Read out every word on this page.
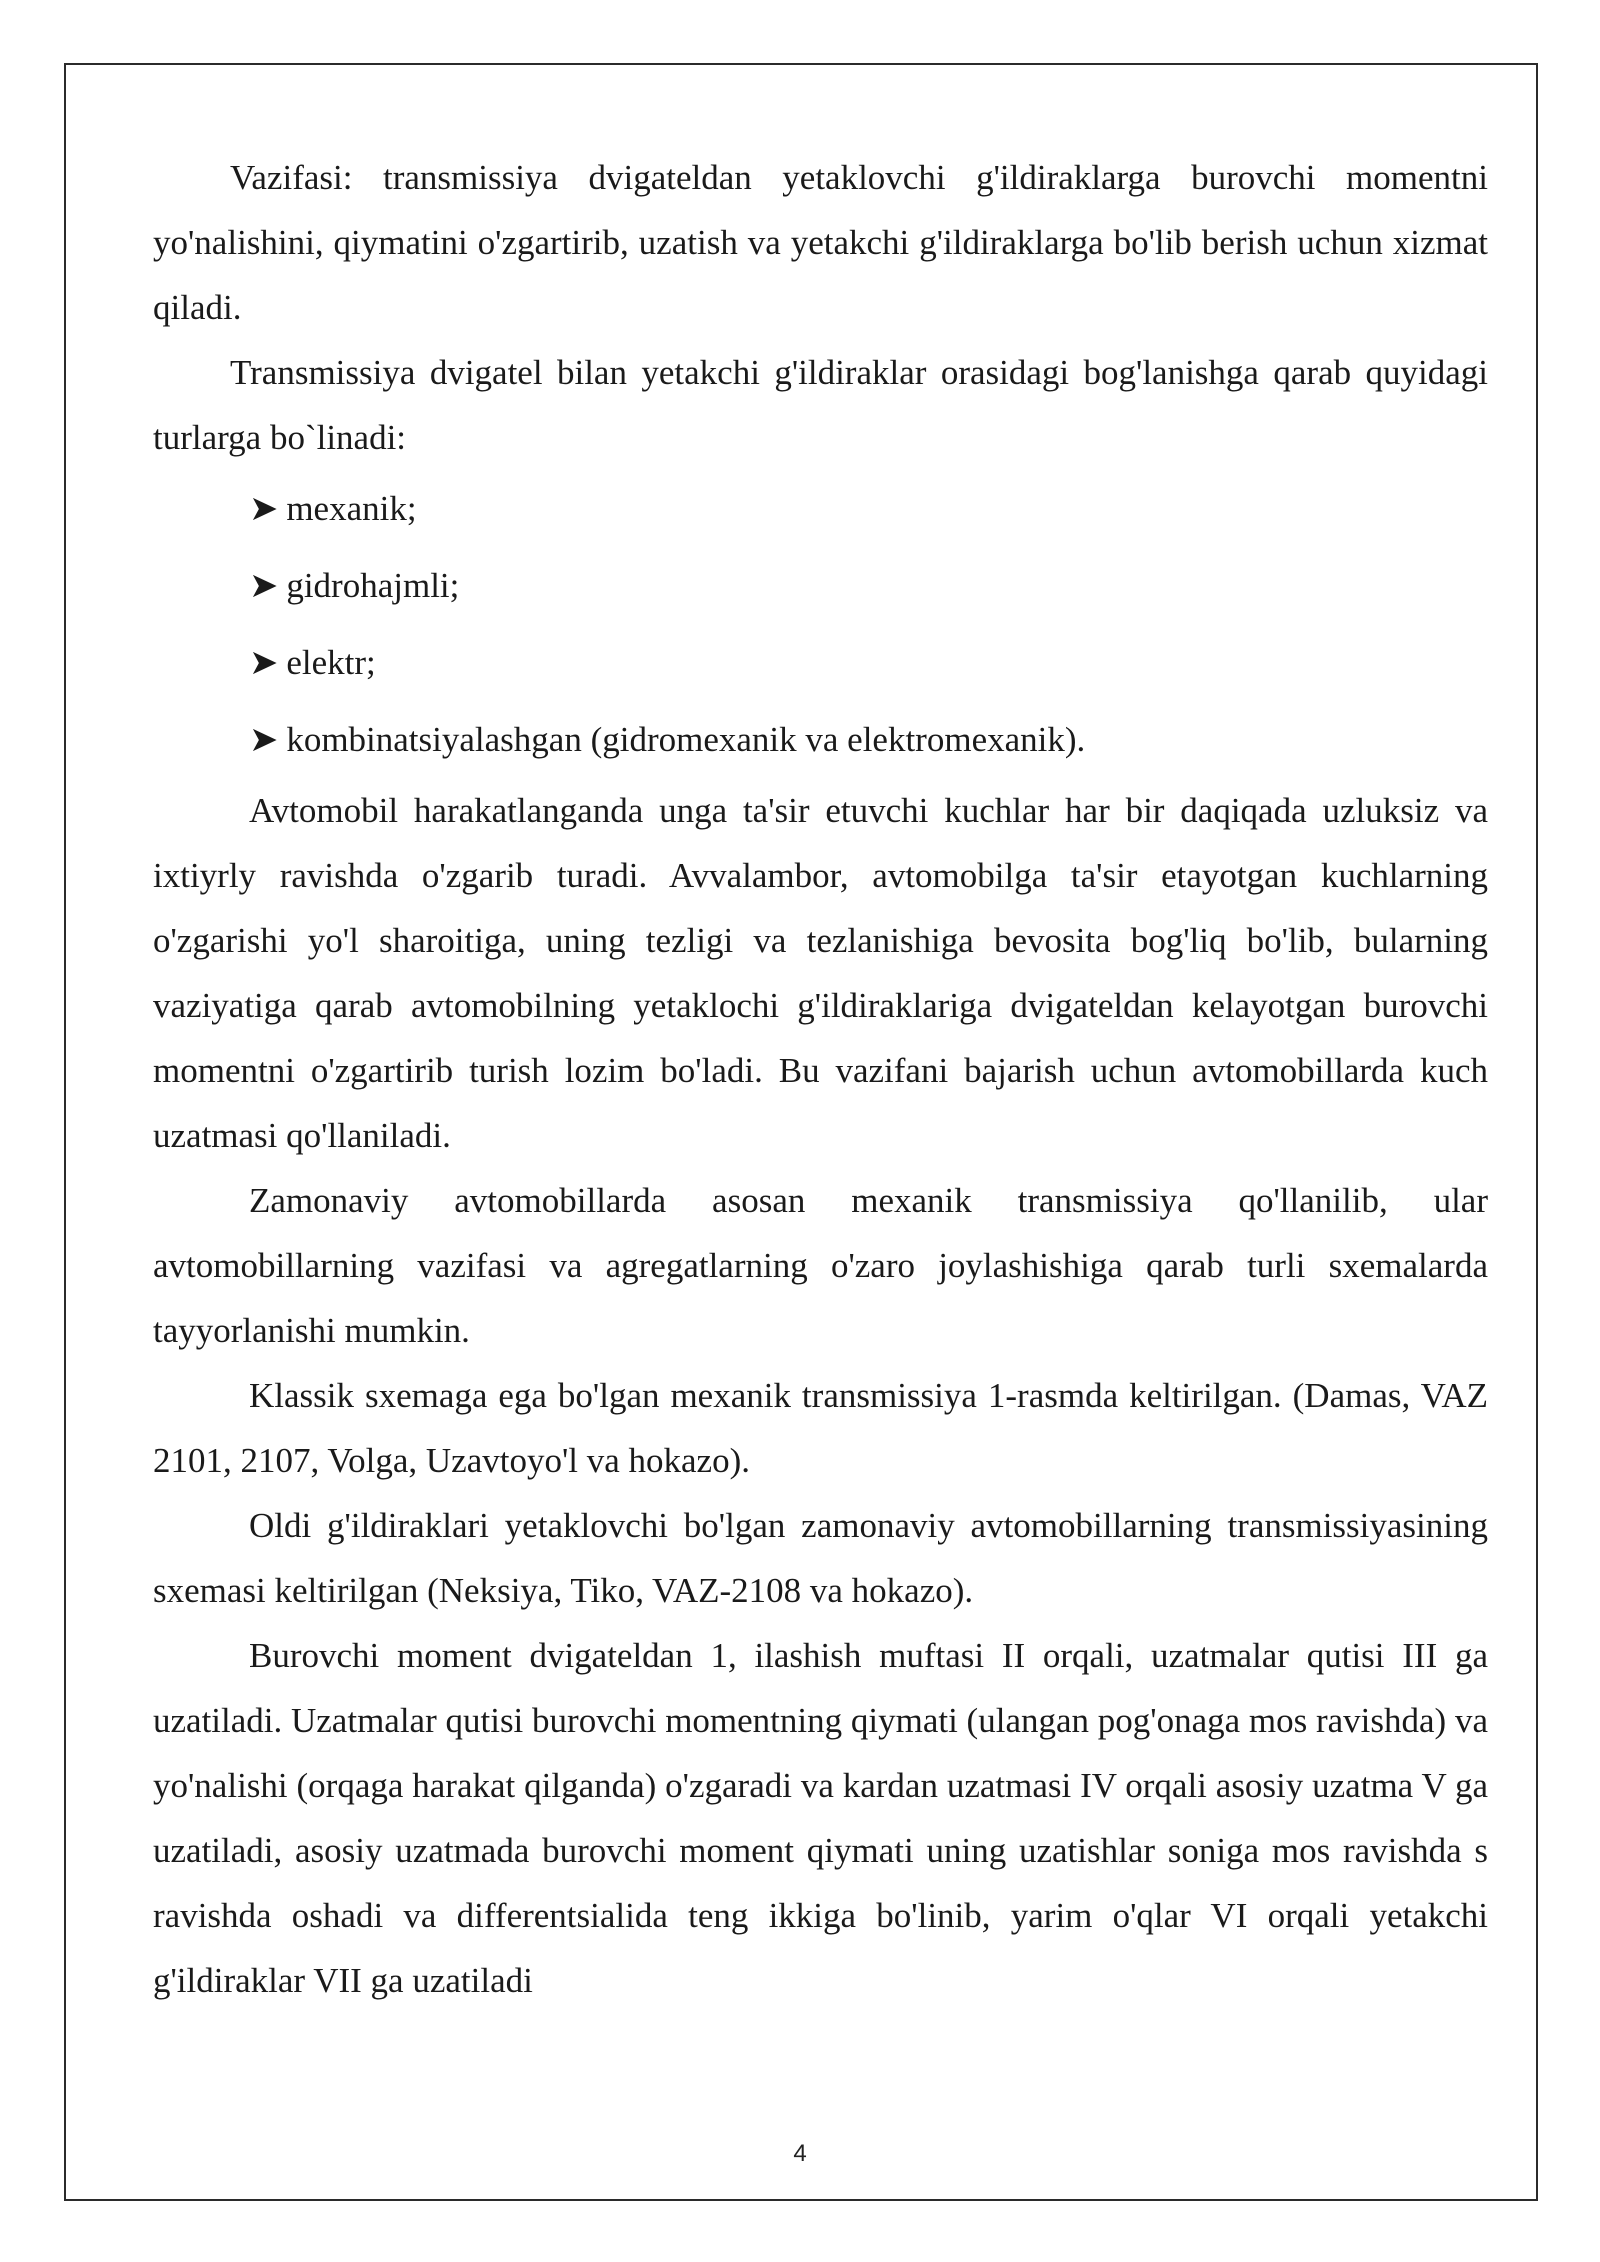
Vazifasi: transmissiya dvigateldan yetaklovchi g'ildiraklarga burovchi momentni yo'nalishini, qiymatini o'zgartirib, uzatish va yetakchi g'ildiraklarga bo'lib berish uchun xizmat qiladi.

Transmissiya dvigatel bilan yetakchi g'ildiraklar orasidagi bog'lanishga qarab quyidagi turlarga bo`linadi:

➤ mexanik;
➤ gidrohajmli;
➤ elektr;
➤ kombinatsiyalashgan (gidromexanik va elektromexanik).

Avtomobil harakatlanganda unga ta'sir etuvchi kuchlar har bir daqiqada uzluksiz va ixtiyrly ravishda o'zgarib turadi. Avvalambor, avtomobilga ta'sir etayotgan kuchlarning o'zgarishi yo'l sharoitiga, uning tezligi va tezlanishiga bevosita bog'liq bo'lib, bularning vaziyatiga qarab avtomobilning yetaklochi g'ildiraklariga dvigateldan kelayotgan burovchi momentni o'zgartirib turish lozim bo'ladi. Bu vazifani bajarish uchun avtomobillarda kuch uzatmasi qo'llaniladi.

Zamonaviy avtomobillarda asosan mexanik transmissiya qo'llanilib, ular avtomobillarning vazifasi va agregatlarning o'zaro joylashishiga qarab turli sxemalarda tayyorlanishi mumkin.

Klassik sxemaga ega bo'lgan mexanik transmissiya 1-rasmda keltirilgan. (Damas, VAZ 2101, 2107, Volga, Uzavtoyo'l va hokazo).

Oldi g'ildiraklari yetaklovchi bo'lgan zamonaviy avtomobillarning transmissiyasining sxemasi keltirilgan (Neksiya, Tiko, VAZ-2108 va hokazo).

Burovchi moment dvigateldan 1, ilashish muftasi II orqali, uzatmalar qutisi III ga uzatiladi. Uzatmalar qutisi burovchi momentning qiymati (ulangan pog'onaga mos ravishda) va yo'nalishi (orqaga harakat qilganda) o'zgaradi va kardan uzatmasi IV orqali asosiy uzatma V ga uzatiladi, asosiy uzatmada burovchi moment qiymati uning uzatishlar soniga mos ravishda s ravishda oshadi va differentsialida teng ikkiga bo'linib, yarim o'qlar VI orqali yetakchi g'ildiraklar VII ga uzatiladi

4
